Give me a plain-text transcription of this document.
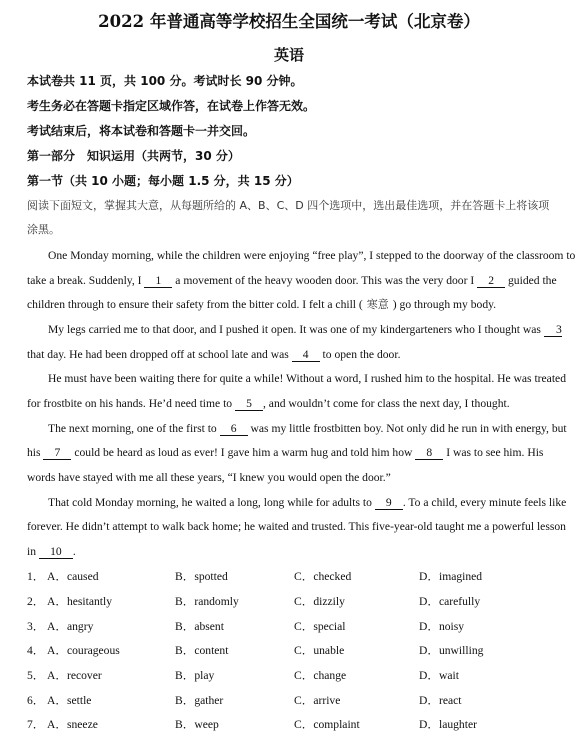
2022 年普通高等学校招生全国统一考试（北京卷）
英语
本试卷共 11 页，共 100 分。考试时长 90 分钟。
考生务必在答题卡指定区域作答，在试卷上作答无效。
考试结束后，将本试卷和答题卡一并交回。
第一部分　知识运用（共两节，30 分）
第一节（共 10 小题；每小题 1.5 分，共 15 分）
阅读下面短文，掌握其大意，从每题所给的 A、B、C、D 四个选项中，选出最佳选项，并在答题卡上将该项
涂黑。
One Monday morning, while the children were enjoying “free play”, I stepped to the doorway of the classroom to
take a break. Suddenly, I 1 a movement of the heavy wooden door. This was the very door I 2 guided the
children through to ensure their safety from the bitter cold. I felt a chill ( 寒意 ) go through my body.
My legs carried me to that door, and I pushed it open. It was one of my kindergarteners who I thought was 3
that day. He had been dropped off at school late and was 4 to open the door.
He must have been waiting there for quite a while! Without a word, I rushed him to the hospital. He was treated
for frostbite on his hands. He’d need time to 5 , and wouldn’t come for class the next day, I thought.
The next morning, one of the first to 6 was my little frostbitten boy. Not only did he run in with energy, but
his 7 could be heard as loud as ever! I gave him a warm hug and told him how 8 I was to see him. His
words have stayed with me all these years, “I knew you would open the door.”
That cold Monday morning, he waited a long, long while for adults to 9 . To a child, every minute feels like
forever. He didn’t attempt to walk back home; he waited and trusted. This five-year-old taught me a powerful lesson
in 10 .
1． A．caused	B．spotted	C．checked	D．imagined
2． A．hesitantly	B．randomly	C．dizzily	D．carefully
3． A．angry	B．absent	C．special	D．noisy
4． A．courageous	B．content	C．unable	D．unwilling
5． A．recover	B．play	C．change	D．wait
6． A．settle	B．gather	C．arrive	D．react
7． A．sneeze	B．weep	C．complaint	D．laughter
